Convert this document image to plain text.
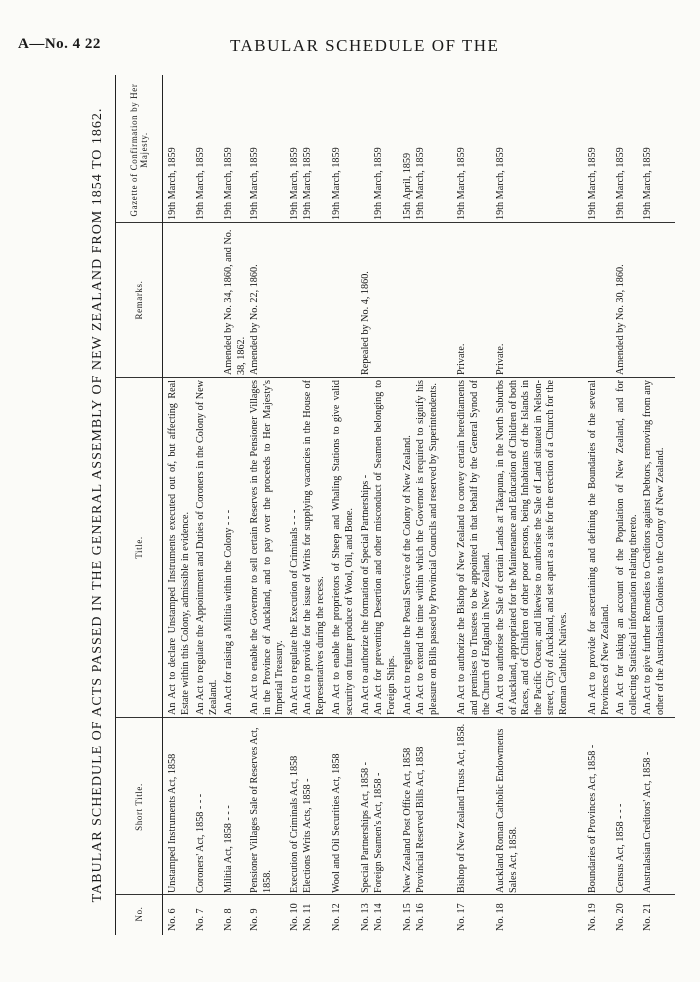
A—No. 4 22	TABULAR SCHEDULE OF THE
TABULAR SCHEDULE OF ACTS PASSED IN THE GENERAL ASSEMBLY OF NEW ZEALAND FROM 1854 TO 1862.
No.
Short Title.
Title.
Remarks.
Gazette of Confirmation by Her Majesty.
No. 6
Unstamped Instruments Act, 1858
An Act to declare Unstamped Instruments executed out of, but affecting Real Estate within this Colony, admissible in evidence.
19th March, 1859
No. 7
Coroners' Act, 1858 - - -
An Act to regulate the Appointment and Duties of Coroners in the Colony of New Zealand.
19th March, 1859
No. 8
Militia Act, 1858 - - -
An Act for raising a Militia within the Colony - - -
Amended by No. 34, 1860, and No. 38, 1862.
19th March, 1859
No. 9
Pensioner Villages Sale of Reserves Act, 1858.
An Act to enable the Governor to sell certain Reserves in the Pensioner Villages in the Province of Auckland, and to pay over the proceeds to Her Majesty's Imperial Treasury.
Amended by No. 22, 1860.
19th March, 1859
No. 10
Execution of Criminals Act, 1858
An Act to regulate the Execution of Criminals - - -
19th March, 1859
No. 11
Elections Writs Acts, 1858 -
An Act to provide for the issue of Writs for supplying vacancies in the House of Representatives during the recess.
19th March, 1859
No. 12
Wool and Oil Securities Act, 1858
An Act to enable the proprietors of Sheep and Whaling Stations to give valid security on future produce of Wool, Oil, and Bone.
19th March, 1859
No. 13
Special Partnerships Act, 1858 -
An Act to authorize the formation of Special Partnerships -
Repealed by No. 4, 1860.
No. 14
Foreign Seamen's Act, 1858 -
An Act for preventing Desertion and other misconduct of Seamen belonging to Foreign Ships.
19th March, 1859
No. 15
New Zealand Post Office Act, 1858
An Act to regulate the Postal Service of the Colony of New Zealand.
15th April, 1859
No. 16
Provincial Reserved Bills Act, 1858
An Act to extend the time within which the Governor is required to signify his pleasure on Bills passed by Provincial Councils and reserved by Superintendents.
19th March, 1859
No. 17
Bishop of New Zealand Trusts Act, 1858.
An Act to authorize the Bishop of New Zealand to convey certain hereditaments and premises to Trustees to be appointed in that behalf by the General Synod of the Church of England in New Zealand.
Private.
19th March, 1859
No. 18
Auckland Roman Catholic Endowments Sales Act, 1858.
An Act to authorise the Sale of certain Lands at Takapuna, in the North Suburbs of Auckland, appropriated for the Maintenance and Education of Children of both Races, and of Children of other poor persons, being Inhabitants of the Islands in the Pacific Ocean; and likewise to authorise the Sale of Land situated in Nelson-street, City of Auckland, and set apart as a site for the erection of a Church for the Roman Catholic Natives.
Private.
19th March, 1859
No. 19
Boundaries of Provinces Act, 1858 -
An Act to provide for ascertaining and defining the Boundaries of the several Provinces of New Zealand.
19th March, 1859
No. 20
Census Act, 1858 - - -
An Act for taking an account of the Population of New Zealand, and for collecting Statistical information relating thereto.
Amended by No. 30, 1860.
19th March, 1859
No. 21
Australasian Creditors' Act, 1858 -
An Act to give further Remedies to Creditors against Debtors, removing from any other of the Australasian Colonies to the Colony of New Zealand.
19th March, 1859
